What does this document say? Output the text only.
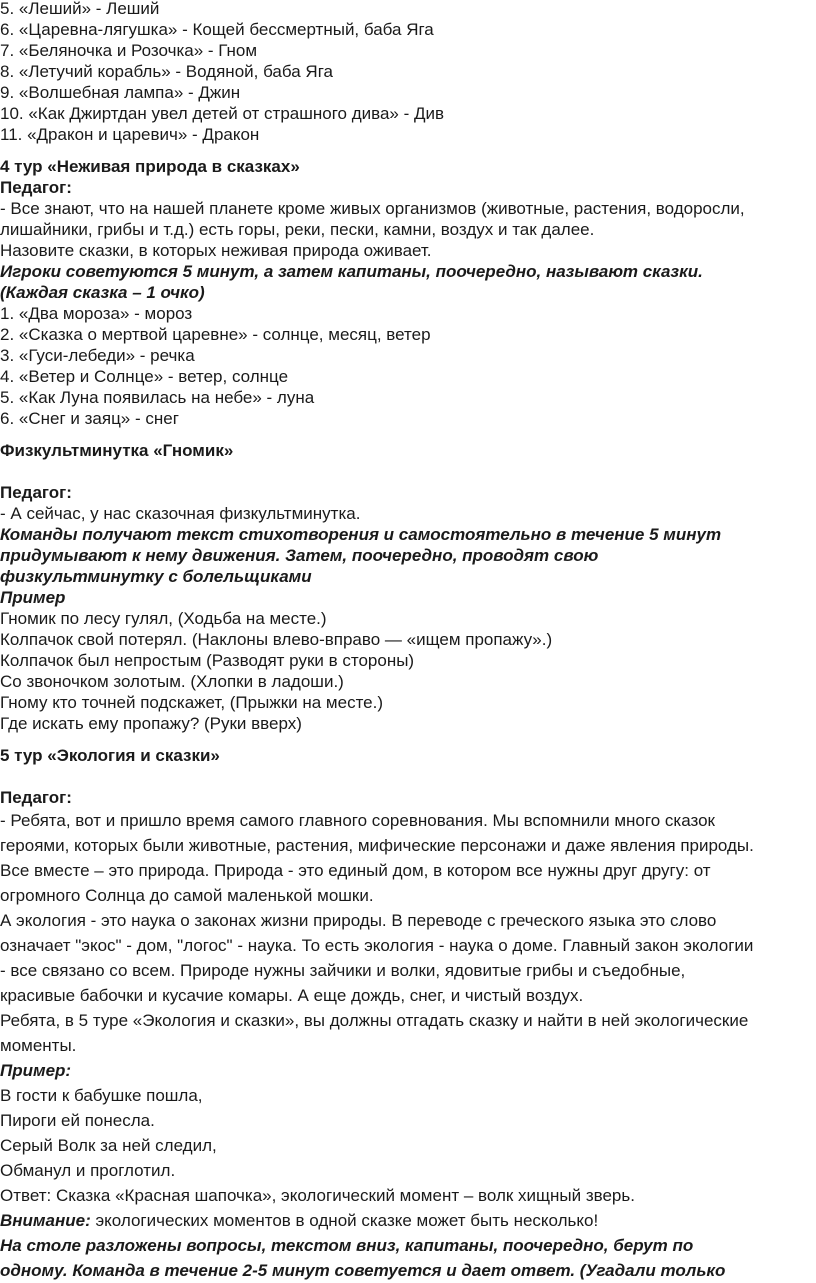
5. «Леший» - Леший
6. «Царевна-лягушка» - Кощей бессмертный, баба Яга
7. «Беляночка и Розочка» - Гном
8. «Летучий корабль» - Водяной, баба Яга
9. «Волшебная лампа» - Джин
10. «Как Джиртдан увел детей от страшного дива» - Див
11. «Дракон и царевич» - Дракон
4 тур «Неживая природа в сказках»
Педагог:
- Все знают, что на нашей планете кроме живых организмов (животные, растения, водоросли,
лишайники, грибы и т.д.) есть горы, реки, пески, камни, воздух и так далее.
Назовите сказки, в которых неживая природа оживает.
Игроки советуются 5 минут, а затем капитаны, поочередно, называют сказки.
(Каждая сказка – 1 очко)
1. «Два мороза» - мороз
2. «Сказка о мертвой царевне» - солнце, месяц, ветер
3. «Гуси-лебеди» - речка
4. «Ветер и Солнце» - ветер, солнце
5. «Как Луна появилась на небе» - луна
6. «Снег и заяц» - снег
Физкультминутка «Гномик»
Педагог:
- А сейчас, у нас сказочная физкультминутка.
Команды получают текст стихотворения и самостоятельно в течение 5 минут
придумывают к нему движения. Затем, поочередно, проводят свою
физкультминутку с болельщиками
Пример
Гномик по лесу гулял, (Ходьба на месте.)
Колпачок свой потерял. (Наклоны влево-вправо — «ищем пропажу».)
Колпачок был непростым (Разводят руки в стороны)
Со звоночком золотым. (Хлопки в ладоши.)
Гному кто точней подскажет, (Прыжки на месте.)
Где искать ему пропажу? (Руки вверх)
5 тур «Экология и сказки»
Педагог:
- Ребята, вот и пришло время самого главного соревнования. Мы вспомнили много сказок
героями, которых были животные, растения, мифические персонажи и даже явления природы.
Все вместе – это природа. Природа - это единый дом, в котором все нужны друг другу: от
огромного Солнца до самой маленькой мошки.
А экология - это наука о законах жизни природы. В переводе с греческого языка это слово
означает "экос" - дом, "логос" - наука. То есть экология - наука о доме. Главный закон экологии
- все связано со всем. Природе нужны зайчики и волки, ядовитые грибы и съедобные,
красивые бабочки и кусачие комары. А еще дождь, снег, и чистый воздух.
Ребята, в 5 туре «Экология и сказки», вы должны отгадать сказку и найти в ней экологические
моменты.
Пример:
В гости к бабушке пошла,
Пироги ей понесла.
Серый Волк за ней следил,
Обманул и проглотил.
Ответ: Сказка «Красная шапочка», экологический момент – волк хищный зверь.
Внимание: экологических моментов в одной сказке может быть несколько!
На столе разложены вопросы, текстом вниз, капитаны, поочередно, берут по
одному. Команда в течение 2-5 минут советуется и дает ответ. (Угадали только
